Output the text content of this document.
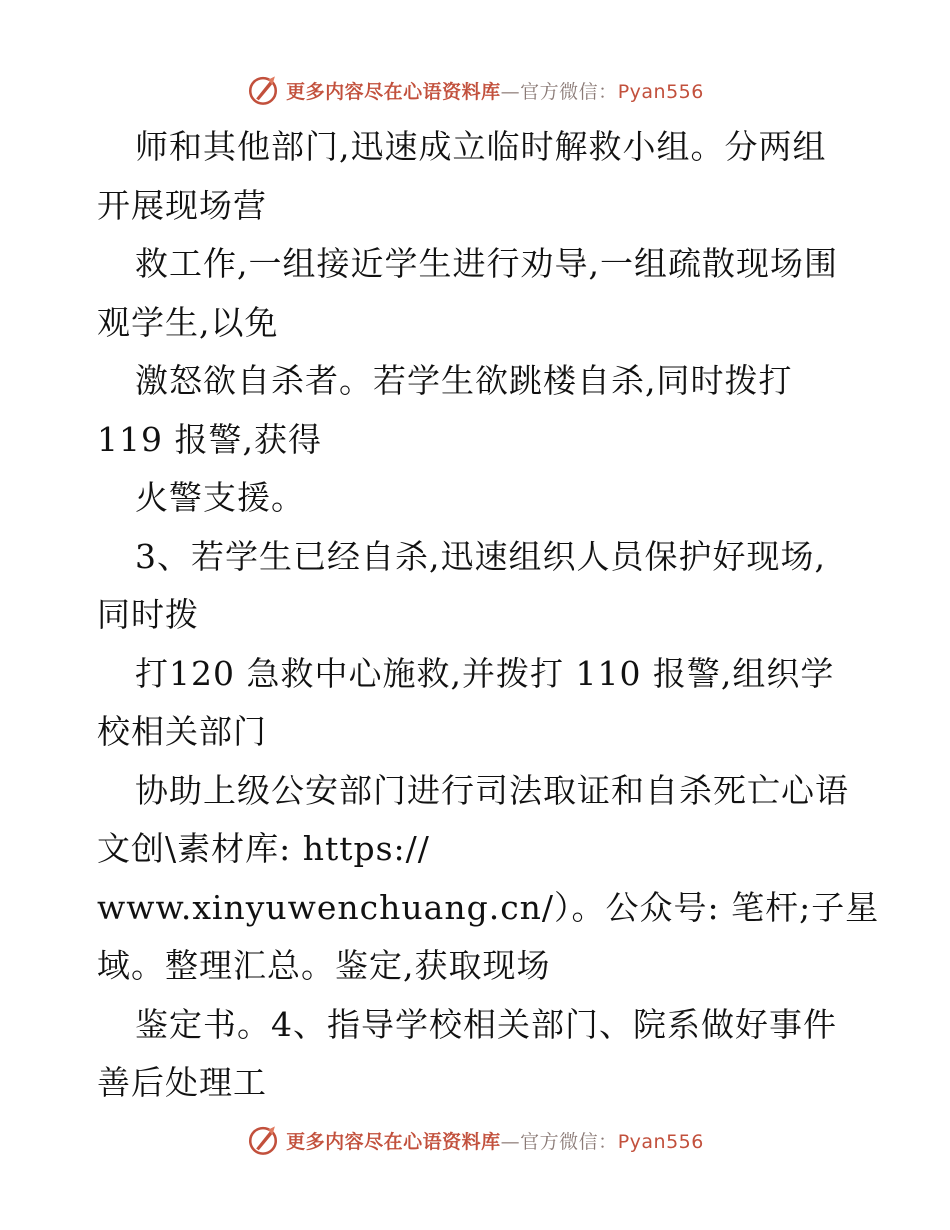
更多内容尽在心语资料库—官方微信：Pyan556
师和其他部门,迅速成立临时解救小组。分两组
开展现场营
救工作,一组接近学生进行劝导,一组疏散现场围
观学生,以免
激怒欲自杀者。若学生欲跳楼自杀,同时拨打
119 报警,获得
火警支援。
3、若学生已经自杀,迅速组织人员保护好现场,
同时拨
打120 急救中心施救,并拨打 110 报警,组织学
校相关部门
协助上级公安部门进行司法取证和自杀死亡心语
文创\素材库: https://
www.xinyuwenchuang.cn/）。公众号: 笔杆;子星
域。整理汇总。鉴定,获取现场
鉴定书。4、指导学校相关部门、院系做好事件
善后处理工
更多内容尽在心语资料库—官方微信：Pyan556
